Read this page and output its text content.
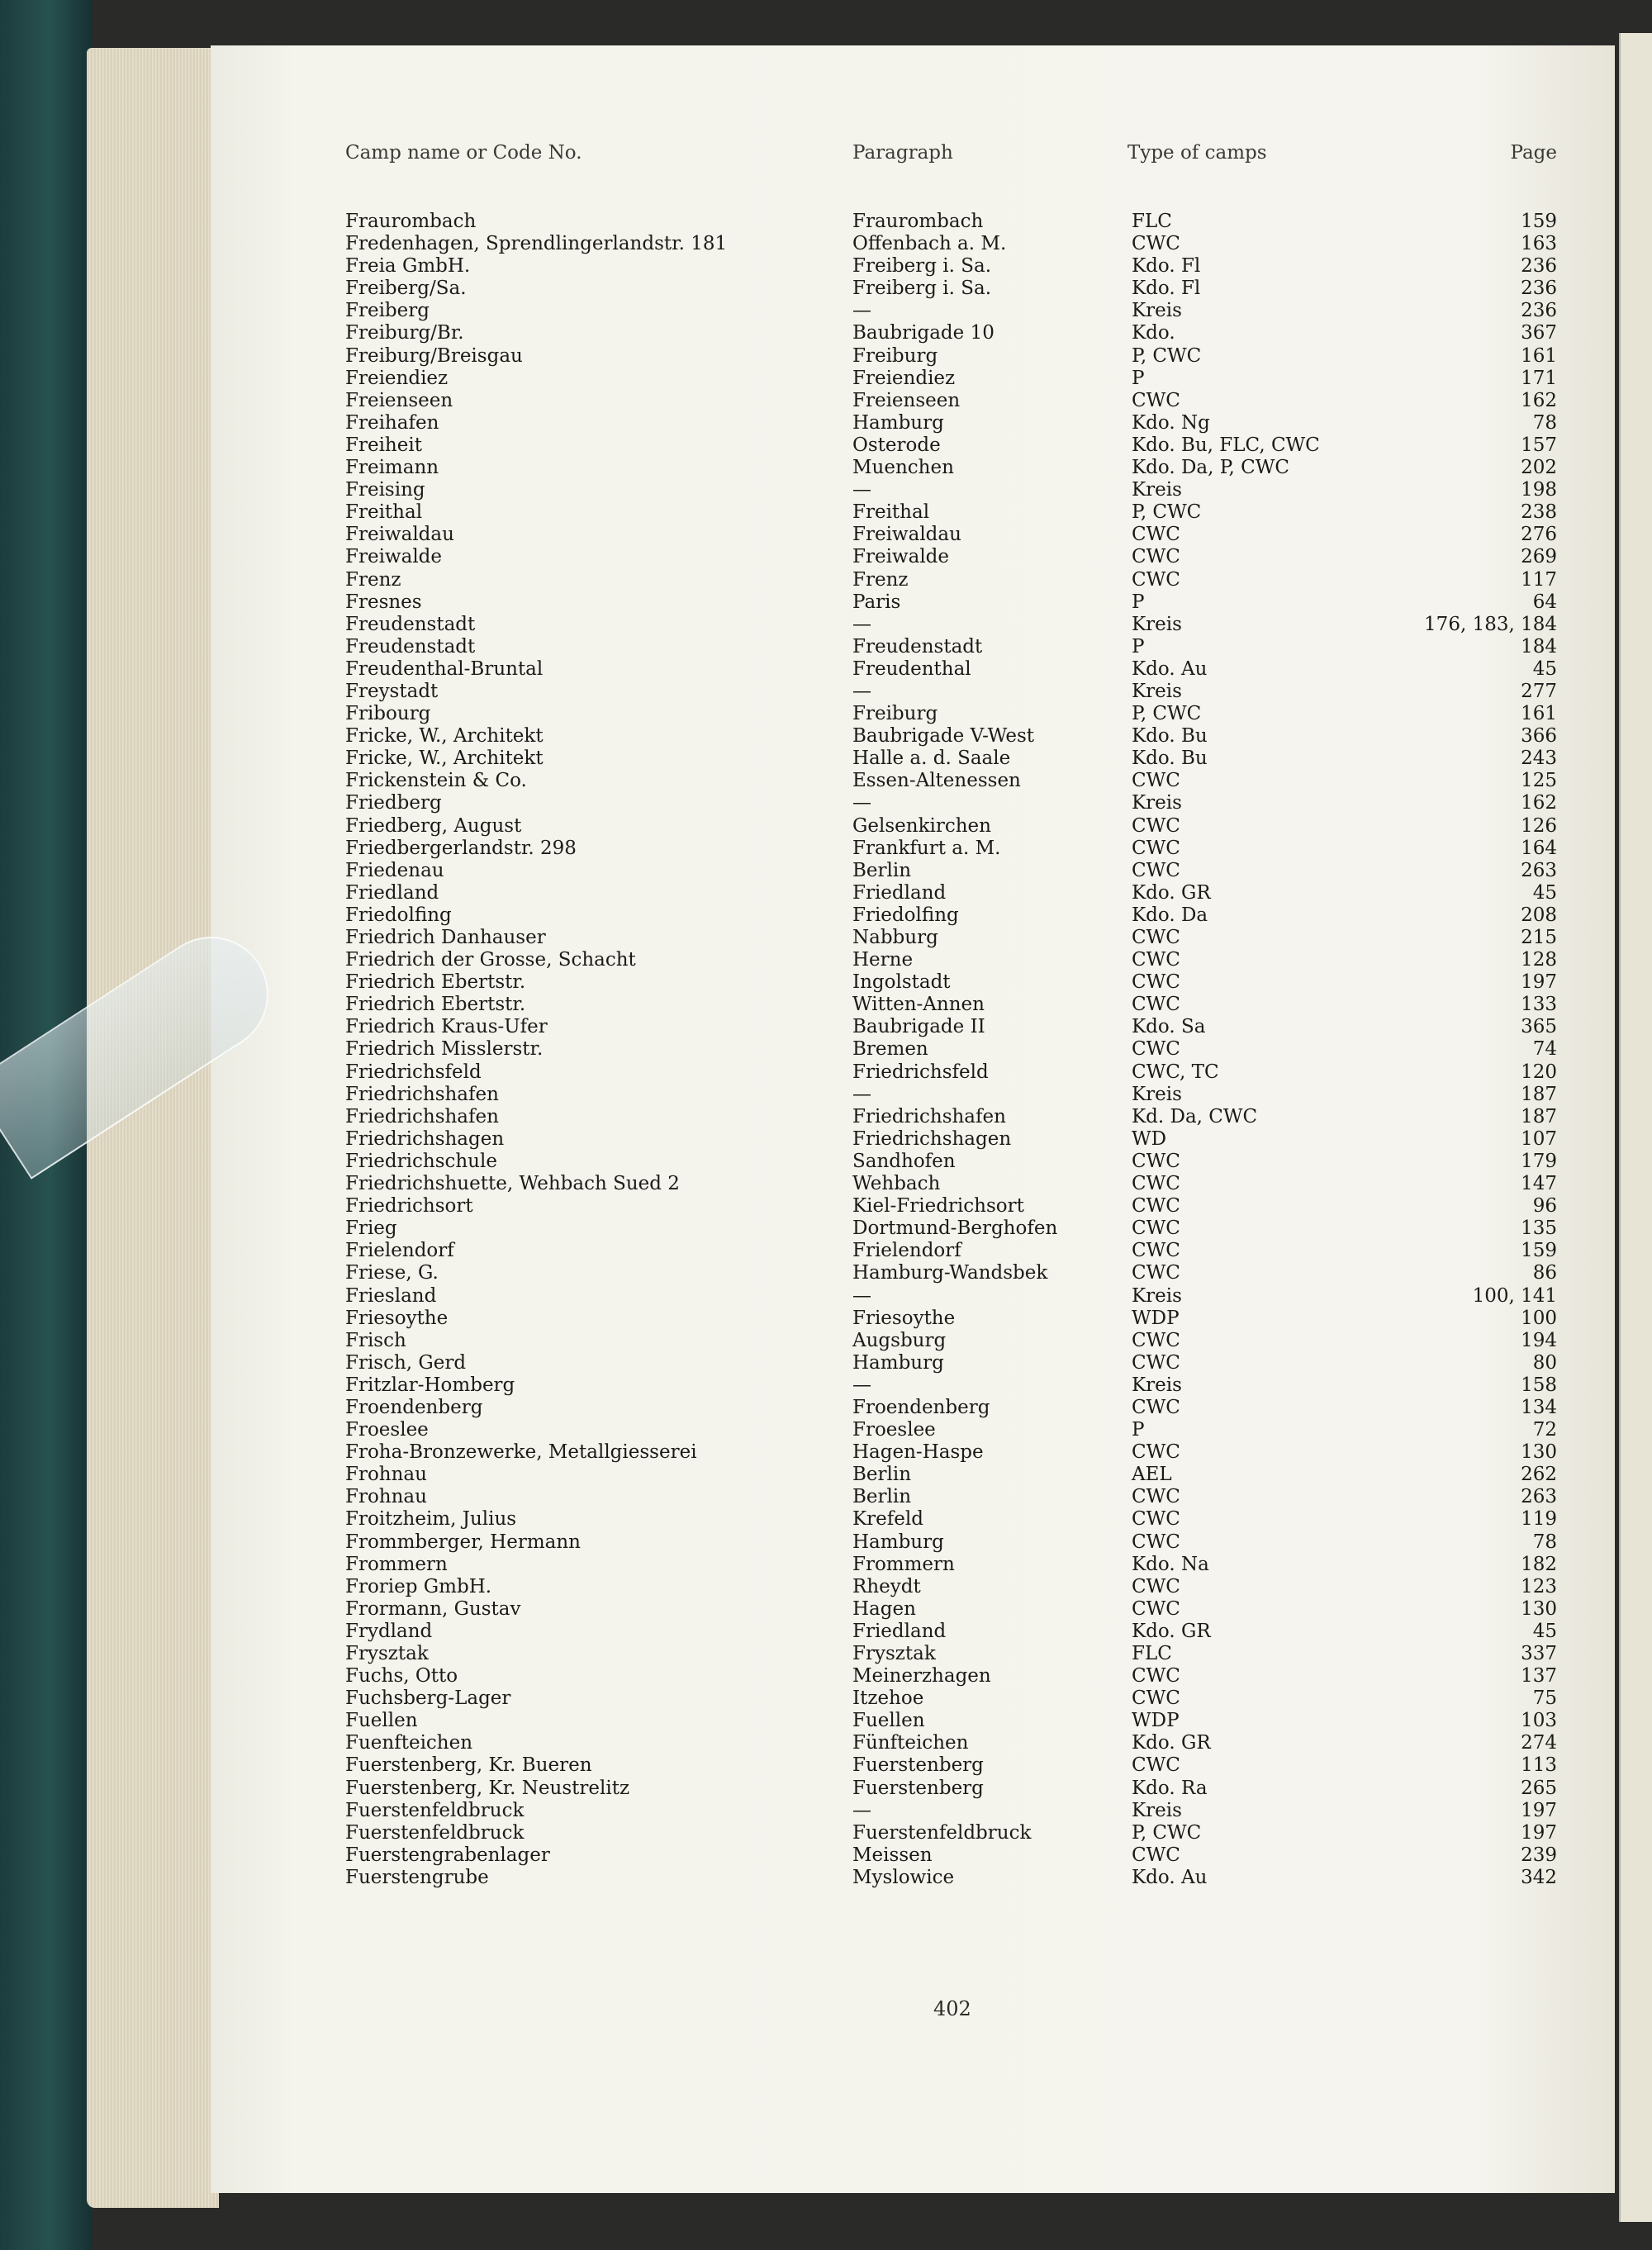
Camp name or Code No.	Paragraph	Type of camps	Page
Fraurombach	Fraurombach	FLC	159
Fredenhagen, Sprendlingerlandstr. 181	Offenbach a. M.	CWC	163
Freia GmbH.	Freiberg i. Sa.	Kdo. Fl	236
Freiberg/Sa.	Freiberg i. Sa.	Kdo. Fl	236
Freiberg	—	Kreis	236
Freiburg/Br.	Baubrigade 10	Kdo.	367
Freiburg/Breisgau	Freiburg	P, CWC	161
Freiendiez	Freiendiez	P	171
Freienseen	Freienseen	CWC	162
Freihafen	Hamburg	Kdo. Ng	78
Freiheit	Osterode	Kdo. Bu, FLC, CWC	157
Freimann	Muenchen	Kdo. Da, P, CWC	202
Freising	—	Kreis	198
Freithal	Freithal	P, CWC	238
Freiwaldau	Freiwaldau	CWC	276
Freiwalde	Freiwalde	CWC	269
Frenz	Frenz	CWC	117
Fresnes	Paris	P	64
Freudenstadt	—	Kreis	176, 183, 184
Freudenstadt	Freudenstadt	P	184
Freudenthal-Bruntal	Freudenthal	Kdo. Au	45
Freystadt	—	Kreis	277
Fribourg	Freiburg	P, CWC	161
Fricke, W., Architekt	Baubrigade V-West	Kdo. Bu	366
Fricke, W., Architekt	Halle a. d. Saale	Kdo. Bu	243
Frickenstein & Co.	Essen-Altenessen	CWC	125
Friedberg	—	Kreis	162
Friedberg, August	Gelsenkirchen	CWC	126
Friedbergerlandstr. 298	Frankfurt a. M.	CWC	164
Friedenau	Berlin	CWC	263
Friedland	Friedland	Kdo. GR	45
Friedolfing	Friedolfing	Kdo. Da	208
Friedrich Danhauser	Nabburg	CWC	215
Friedrich der Grosse, Schacht	Herne	CWC	128
Friedrich Ebertstr.	Ingolstadt	CWC	197
Friedrich Ebertstr.	Witten-Annen	CWC	133
Friedrich Kraus-Ufer	Baubrigade II	Kdo. Sa	365
Friedrich Misslerstr.	Bremen	CWC	74
Friedrichsfeld	Friedrichsfeld	CWC, TC	120
Friedrichshafen	—	Kreis	187
Friedrichshafen	Friedrichshafen	Kd. Da, CWC	187
Friedrichshagen	Friedrichshagen	WD	107
Friedrichschule	Sandhofen	CWC	179
Friedrichshuette, Wehbach Sued 2	Wehbach	CWC	147
Friedrichsort	Kiel-Friedrichsort	CWC	96
Frieg	Dortmund-Berghofen	CWC	135
Frielendorf	Frielendorf	CWC	159
Friese, G.	Hamburg-Wandsbek	CWC	86
Friesland	—	Kreis	100, 141
Friesoythe	Friesoythe	WDP	100
Frisch	Augsburg	CWC	194
Frisch, Gerd	Hamburg	CWC	80
Fritzlar-Homberg	—	Kreis	158
Froendenberg	Froendenberg	CWC	134
Froeslee	Froeslee	P	72
Froha-Bronzewerke, Metallgiesserei	Hagen-Haspe	CWC	130
Frohnau	Berlin	AEL	262
Frohnau	Berlin	CWC	263
Froitzheim, Julius	Krefeld	CWC	119
Frommberger, Hermann	Hamburg	CWC	78
Frommern	Frommern	Kdo. Na	182
Froriep GmbH.	Rheydt	CWC	123
Frormann, Gustav	Hagen	CWC	130
Frydland	Friedland	Kdo. GR	45
Frysztak	Frysztak	FLC	337
Fuchs, Otto	Meinerzhagen	CWC	137
Fuchsberg-Lager	Itzehoe	CWC	75
Fuellen	Fuellen	WDP	103
Fuenfteichen	Fünfteichen	Kdo. GR	274
Fuerstenberg, Kr. Bueren	Fuerstenberg	CWC	113
Fuerstenberg, Kr. Neustrelitz	Fuerstenberg	Kdo. Ra	265
Fuerstenfeldbruck	—	Kreis	197
Fuerstenfeldbruck	Fuerstenfeldbruck	P, CWC	197
Fuerstengrabenlager	Meissen	CWC	239
Fuerstengrube	Myslowice	Kdo. Au	342
402
